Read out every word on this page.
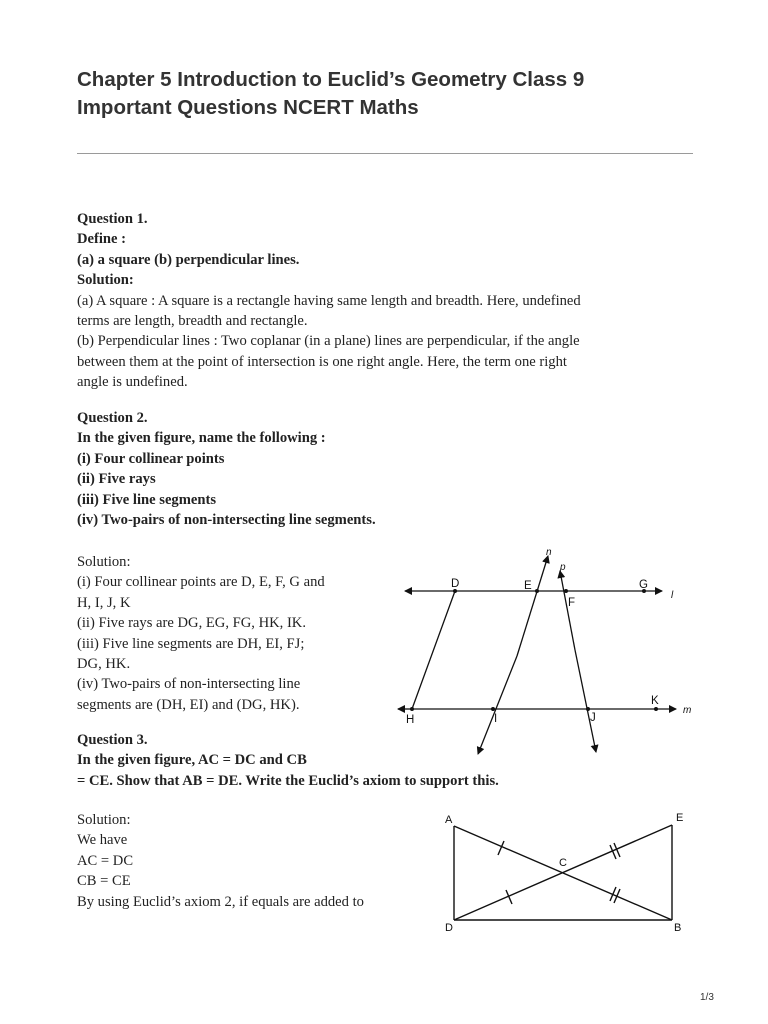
Chapter 5 Introduction to Euclid’s Geometry Class 9
Important Questions NCERT Maths
Question 1.
Define :
(a) a square (b) perpendicular lines.
Solution:
(a) A square : A square is a rectangle having same length and breadth. Here, undefined
terms are length, breadth and rectangle.
(b) Perpendicular lines : Two coplanar (in a plane) lines are perpendicular, if the angle
between them at the point of intersection is one right angle. Here, the term one right
angle is undefined.
Question 2.
In the given figure, name the following :
(i) Four collinear points
(ii) Five rays
(iii) Five line segments
(iv) Two-pairs of non-intersecting line segments.
Solution:
(i) Four collinear points are D, E, F, G and
H, I, J, K
(ii) Five rays are DG, EG, FG, HK, IK.
(iii) Five line segments are DH, EI, FJ;
DG, HK.
(iv) Two-pairs of non-intersecting line
segments are (DH, EI) and (DG, HK).
D	E
F
G
H	I	J
K
l
m
n
p
Question 3.
In the given figure, AC = DC and CB
= CE. Show that AB = DE. Write the Euclid’s axiom to support this.
Solution:
We have
AC = DC
CB = CE
By using Euclid’s axiom 2, if equals are added to
A	E
C
D	B
1/3
